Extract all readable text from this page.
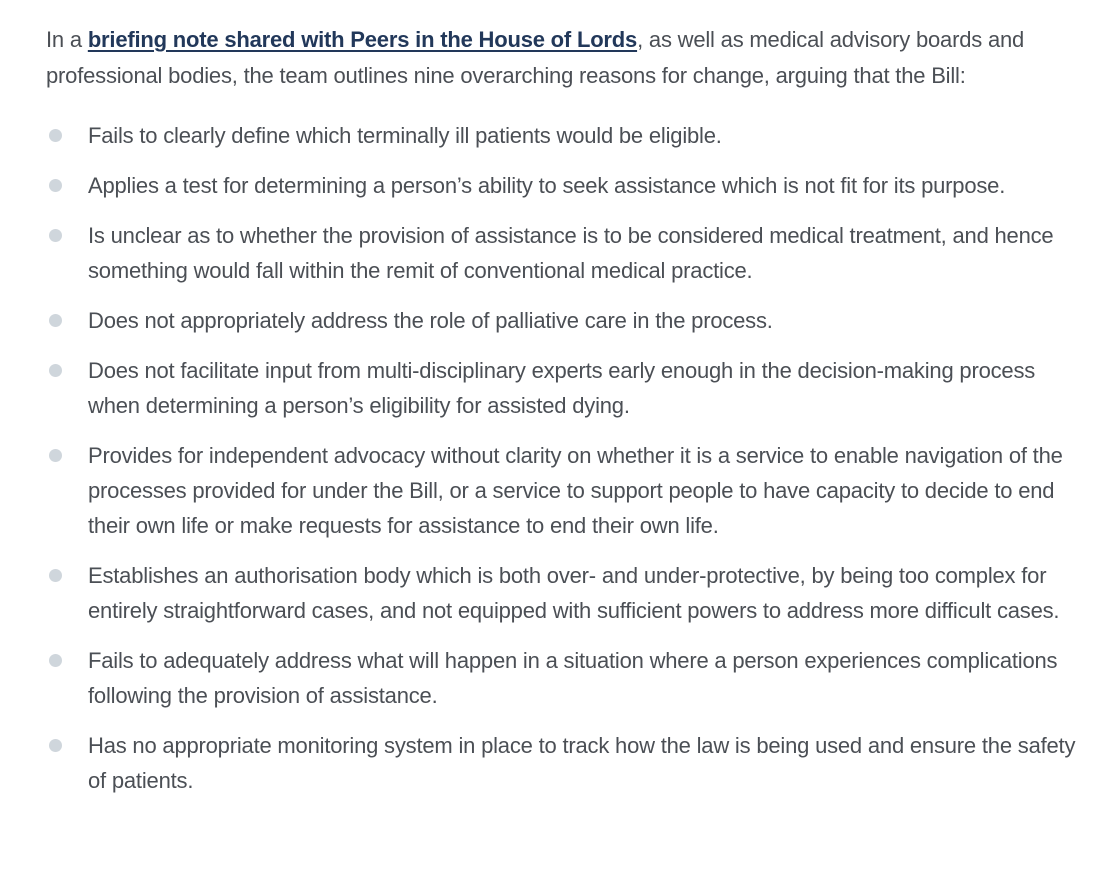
In a briefing note shared with Peers in the House of Lords, as well as medical advisory boards and professional bodies, the team outlines nine overarching reasons for change, arguing that the Bill:

Fails to clearly define which terminally ill patients would be eligible.
Applies a test for determining a person’s ability to seek assistance which is not fit for its purpose.
Is unclear as to whether the provision of assistance is to be considered medical treatment, and hence something would fall within the remit of conventional medical practice.
Does not appropriately address the role of palliative care in the process.
Does not facilitate input from multi-disciplinary experts early enough in the decision-making process when determining a person’s eligibility for assisted dying.
Provides for independent advocacy without clarity on whether it is a service to enable navigation of the processes provided for under the Bill, or a service to support people to have capacity to decide to end their own life or make requests for assistance to end their own life.
Establishes an authorisation body which is both over- and under-protective, by being too complex for entirely straightforward cases, and not equipped with sufficient powers to address more difficult cases.
Fails to adequately address what will happen in a situation where a person experiences complications following the provision of assistance.
Has no appropriate monitoring system in place to track how the law is being used and ensure the safety of patients.
